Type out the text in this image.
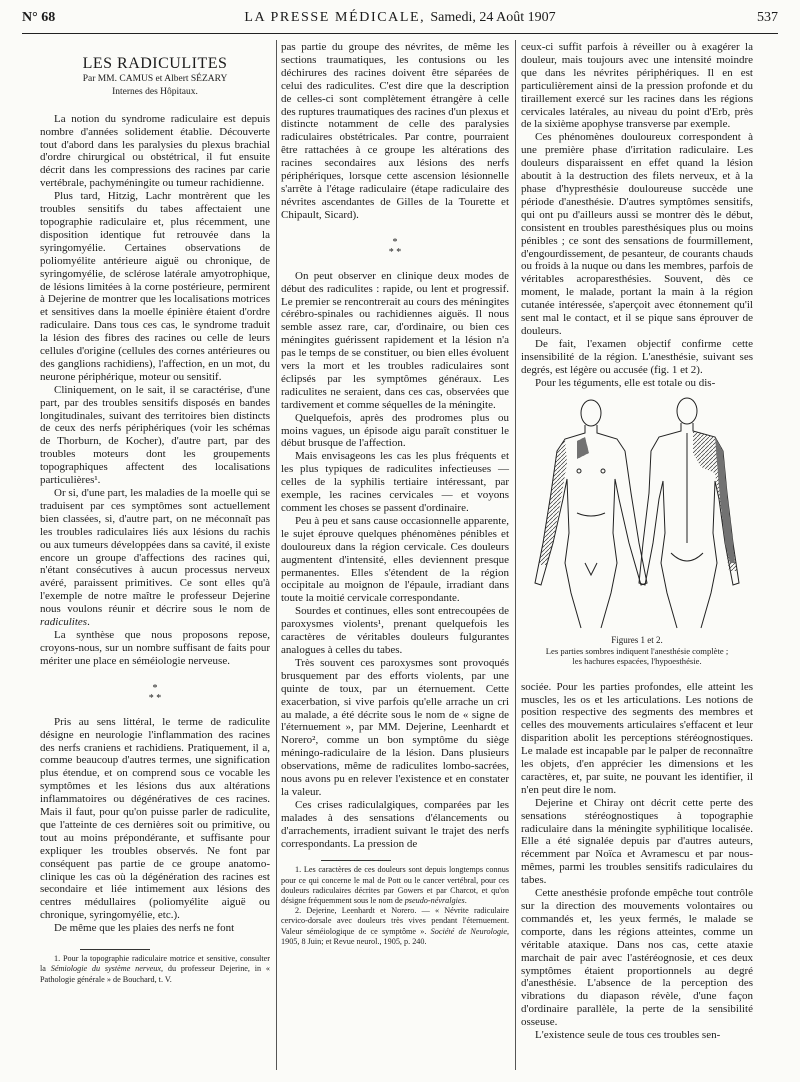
N° 68	LA PRESSE MÉDICALE, Samedi, 24 Août 1907	537
LES RADICULITES

Par MM. CAMUS et Albert SÉZARY

Internes des Hôpitaux.

La notion du syndrome radiculaire est depuis nombre d'années solidement établie. Découverte tout d'abord dans les paralysies du plexus brachial d'ordre chirurgical ou obstétrical, il fut ensuite décrit dans les compressions des racines par carie vertébrale, pachyméningite ou tumeur rachidienne.

Plus tard, Hitzig, Lachr montrèrent que les troubles sensitifs du tabes affectaient une topographie radiculaire et, plus récemment, une disposition identique fut retrouvée dans la syringomyélie. Certaines observations de poliomyélite antérieure aiguë ou chronique, de syringomyélie, de sclérose latérale amyotrophique, de lésions limitées à la corne postérieure, permirent à Dejerine de montrer que les localisations motrices et sensitives dans la moelle épinière étaient d'ordre radiculaire. Dans tous ces cas, le syndrome traduit la lésion des fibres des racines ou celle de leurs cellules d'origine (cellules des cornes antérieures ou des ganglions rachidiens), l'affection, en un mot, du neurone périphérique, moteur ou sensitif.

Cliniquement, on le sait, il se caractérise, d'une part, par des troubles sensitifs disposés en bandes longitudinales, suivant des territoires bien distincts de ceux des nerfs périphériques (voir les schémas de Thorburn, de Kocher), d'autre part, par des troubles moteurs dont les groupements topographiques affectent des localisations particulières¹.

Or si, d'une part, les maladies de la moelle qui se traduisent par ces symptômes sont actuellement bien classées, si, d'autre part, on ne méconnaît pas les troubles radiculaires liés aux lésions du rachis ou aux tumeurs développées dans sa cavité, il existe encore un groupe d'affections des racines qui, n'étant consécutives à aucun processus nerveux avéré, paraissent primitives. Ce sont elles qu'à l'exemple de notre maître le professeur Dejerine nous voulons réunir et décrire sous le nom de radiculites.

La synthèse que nous proposons repose, croyons-nous, sur un nombre suffisant de faits pour mériter une place en séméiologie nerveuse.

*
* *

Pris au sens littéral, le terme de radiculite désigne en neurologie l'inflammation des racines des nerfs craniens et rachidiens. Pratiquement, il a, comme beaucoup d'autres termes, une signification plus étendue, et on comprend sous ce vocable les symptômes et les lésions dus aux altérations inflammatoires ou dégénératives de ces racines. Mais il faut, pour qu'on puisse parler de radiculite, que l'atteinte de ces dernières soit ou primitive, ou tout au moins prépondérante, et suffisante pour expliquer les troubles observés. Ne font par conséquent pas partie de ce groupe anatomo-clinique les cas où la dégénération des racines est secondaire et liée intimement aux lésions des centres médullaires (poliomyélite aiguë ou chronique, syringomyélie, etc.).

De même que les plaies des nerfs ne font

1. Pour la topographie radiculaire motrice et sensitive, consulter la Sémiologie du système nerveux, du professeur Dejerine, in « Pathologie générale » de Bouchard, t. V.

pas partie du groupe des névrites, de même les sections traumatiques, les contusions ou les déchirures des racines doivent être séparées de celui des radiculites. C'est dire que la description de celles-ci sont complètement étrangère à celle des ruptures traumatiques des racines d'un plexus et distincte notamment de celle des paralysies radiculaires obstétricales. Par contre, pourraient être rattachées à ce groupe les altérations des racines secondaires aux lésions des nerfs périphériques, lorsque cette ascension lésionnelle s'arrête à l'étage radiculaire (étape radiculaire des névrites ascendantes de Gilles de la Tourette et Chipault, Sicard).

*
* *

On peut observer en clinique deux modes de début des radiculites : rapide, ou lent et progressif. Le premier se rencontrerait au cours des méningites cérébro-spinales ou rachidiennes aiguës. Il nous semble assez rare, car, d'ordinaire, ou bien ces méningites guérissent rapidement et la lésion n'a pas le temps de se constituer, ou bien elles évoluent vers la mort et les troubles radiculaires sont éclipsés par les symptômes généraux. Les radiculites ne seraient, dans ces cas, observées que tardivement et comme séquelles de la méningite.

Quelquefois, après des prodromes plus ou moins vagues, un épisode aigu paraît constituer le début brusque de l'affection.

Mais envisageons les cas les plus fréquents et les plus typiques de radiculites infectieuses — celles de la syphilis tertiaire intéressant, par exemple, les racines cervicales — et voyons comment les choses se passent d'ordinaire.

Peu à peu et sans cause occasionnelle apparente, le sujet éprouve quelques phénomènes pénibles et douloureux dans la région cervicale. Ces douleurs augmentent d'intensité, elles deviennent presque permanentes. Elles s'étendent de la région occipitale au moignon de l'épaule, irradiant dans toute la moitié cervicale correspondante.

Sourdes et continues, elles sont entrecoupées de paroxysmes violents¹, prenant quelquefois les caractères de véritables douleurs fulgurantes analogues à celles du tabes.

Très souvent ces paroxysmes sont provoqués brusquement par des efforts violents, par une quinte de toux, par un éternuement. Cette exacerbation, si vive parfois qu'elle arrache un cri au malade, a été décrite sous le nom de « signe de l'éternuement », par MM. Dejerine, Leenhardt et Norero², comme un bon symptôme du siège méningo-radiculaire de la lésion. Dans plusieurs observations, même de radiculites lombo-sacrées, nous avons pu en relever l'existence et en constater la valeur.

Ces crises radiculalgiques, comparées par les malades à des sensations d'élancements ou d'arrachements, irradient suivant le trajet des nerfs correspondants. La pression de

1. Les caractères de ces douleurs sont depuis longtemps connus pour ce qui concerne le mal de Pott ou le cancer vertébral, pour ces douleurs radiculaires décrites par Gowers et par Charcot, et qu'on désigne fréquemment sous le nom de pseudo-névralgies.

2. Dejerine, Leenhardt et Norero. — « Névrite radiculaire cervico-dorsale avec douleurs très vives pendant l'éternuement. Valeur séméiologique de ce symptôme ». Société de Neurologie, 1905, 8 Juin; et Revue neurol., 1905, p. 240.

ceux-ci suffit parfois à réveiller ou à exagérer la douleur, mais toujours avec une intensité moindre que dans les névrites périphériques. Il en est particulièrement ainsi de la pression profonde et du tiraillement exercé sur les racines dans les régions cervicales latérales, au niveau du point d'Erb, près de la sixième apophyse transverse par exemple.

Ces phénomènes douloureux correspondent à une première phase d'irritation radiculaire. Les douleurs disparaissent en effet quand la lésion aboutit à la destruction des filets nerveux, et à la phase d'hypresthésie douloureuse succède une période d'anesthésie. D'autres symptômes sensitifs, qui ont pu d'ailleurs aussi se montrer dès le début, consistent en troubles paresthésiques plus ou moins pénibles ; ce sont des sensations de fourmillement, d'engourdissement, de pesanteur, de courants chauds ou froids à la nuque ou dans les membres, parfois de véritables acroparesthésies. Souvent, dès ce moment, le malade, portant la main à la région cutanée intéressée, s'aperçoit avec étonnement qu'il sent mal le contact, et il se pique sans éprouver de douleurs.

De fait, l'examen objectif confirme cette insensibilité de la région. L'anesthésie, suivant ses degrés, est légère ou accusée (fig. 1 et 2).

Pour les téguments, elle est totale ou dis-

Figures 1 et 2.
Les parties sombres indiquent l'anesthésie complète ;
les hachures espacées, l'hypoesthésie.

sociée. Pour les parties profondes, elle atteint les muscles, les os et les articulations. Les notions de position respective des segments des membres et celles des mouvements articulaires s'effacent et leur disparition abolit les perceptions stéréognostiques. Le malade est incapable par le palper de reconnaître les objets, d'en apprécier les dimensions et les caractères, et, par suite, ne pouvant les identifier, il n'en peut dire le nom.

Dejerine et Chiray ont décrit cette perte des sensations stéréognostiques à topographie radiculaire dans la méningite syphilitique localisée. Elle a été signalée depuis par d'autres auteurs, récemment par Noïca et Avramescu et par nous-mêmes, parmi les troubles sensitifs radiculaires du tabes.

Cette anesthésie profonde empêche tout contrôle sur la direction des mouvements volontaires ou commandés et, les yeux fermés, le malade se comporte, dans les régions atteintes, comme un véritable ataxique. Dans nos cas, cette ataxie marchait de pair avec l'astéréognosie, et ces deux symptômes étaient proportionnels au degré d'anesthésie. L'absence de la perception des vibrations du diapason révèle, d'une façon d'ordinaire parallèle, la perte de la sensibilité osseuse.

L'existence seule de tous ces troubles sen-
